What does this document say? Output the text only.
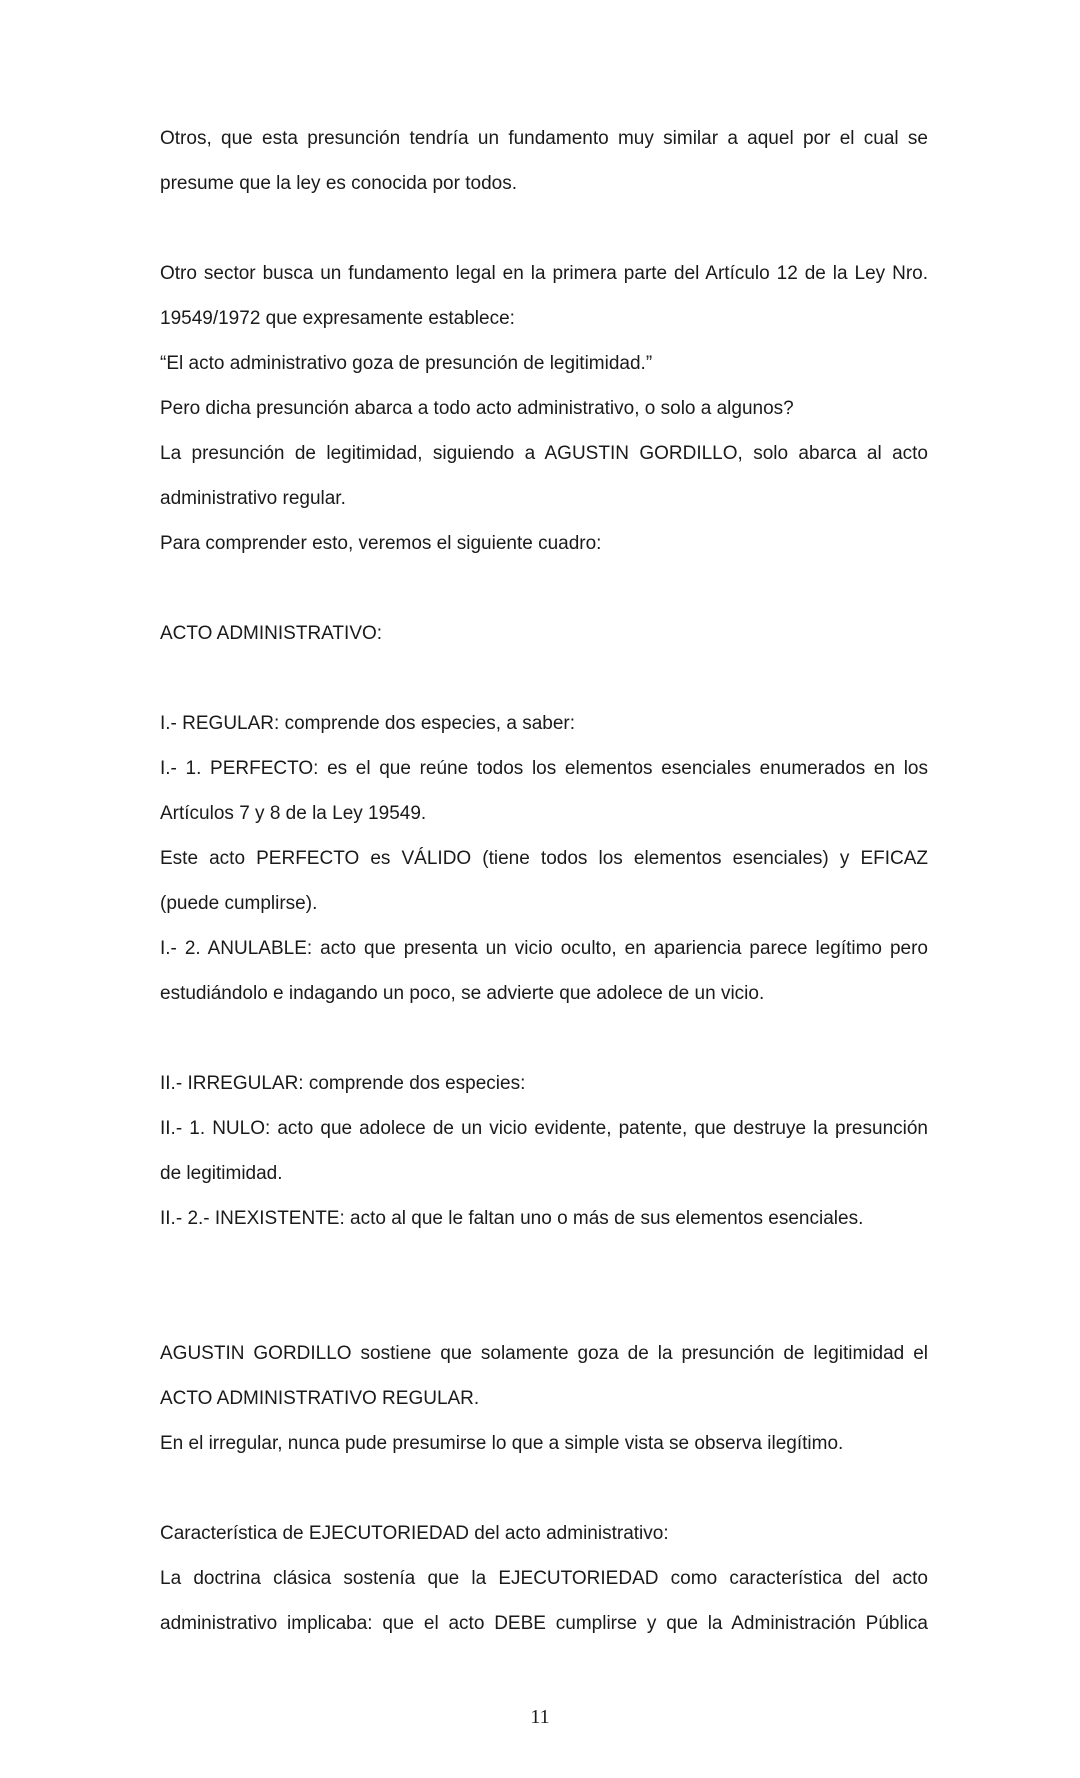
Otros, que esta presunción tendría un fundamento muy similar a aquel por el cual se
presume que la ley es conocida por todos.
Otro sector busca un fundamento legal en la primera parte del Artículo 12 de la Ley Nro.
19549/1972 que expresamente establece:
“El acto administrativo goza de presunción de legitimidad.”
Pero dicha presunción abarca a todo acto administrativo, o solo a algunos?
La presunción de legitimidad, siguiendo a AGUSTIN GORDILLO, solo abarca al acto
administrativo regular.
Para comprender esto, veremos el siguiente cuadro:
ACTO ADMINISTRATIVO:
I.- REGULAR: comprende dos especies, a saber:
I.- 1. PERFECTO: es el que reúne todos los elementos esenciales enumerados en los
Artículos 7 y 8 de la Ley 19549.
Este acto PERFECTO es VÁLIDO (tiene todos los elementos esenciales) y EFICAZ
(puede cumplirse).
I.- 2. ANULABLE: acto que presenta un vicio oculto, en apariencia parece legítimo pero
estudiándolo e indagando un poco, se advierte que adolece de un vicio.
II.- IRREGULAR: comprende dos especies:
II.- 1. NULO: acto que adolece de un vicio evidente, patente, que destruye la presunción
de legitimidad.
II.- 2.- INEXISTENTE: acto al que le faltan uno o más de sus elementos esenciales.
AGUSTIN GORDILLO sostiene que solamente goza de la presunción de legitimidad el
ACTO ADMINISTRATIVO REGULAR.
En el irregular, nunca pude presumirse lo que a simple vista se observa ilegítimo.
Característica de EJECUTORIEDAD del acto administrativo:
La doctrina clásica sostenía que la EJECUTORIEDAD como característica del acto
administrativo implicaba: que el acto DEBE cumplirse y que la Administración Pública
11
